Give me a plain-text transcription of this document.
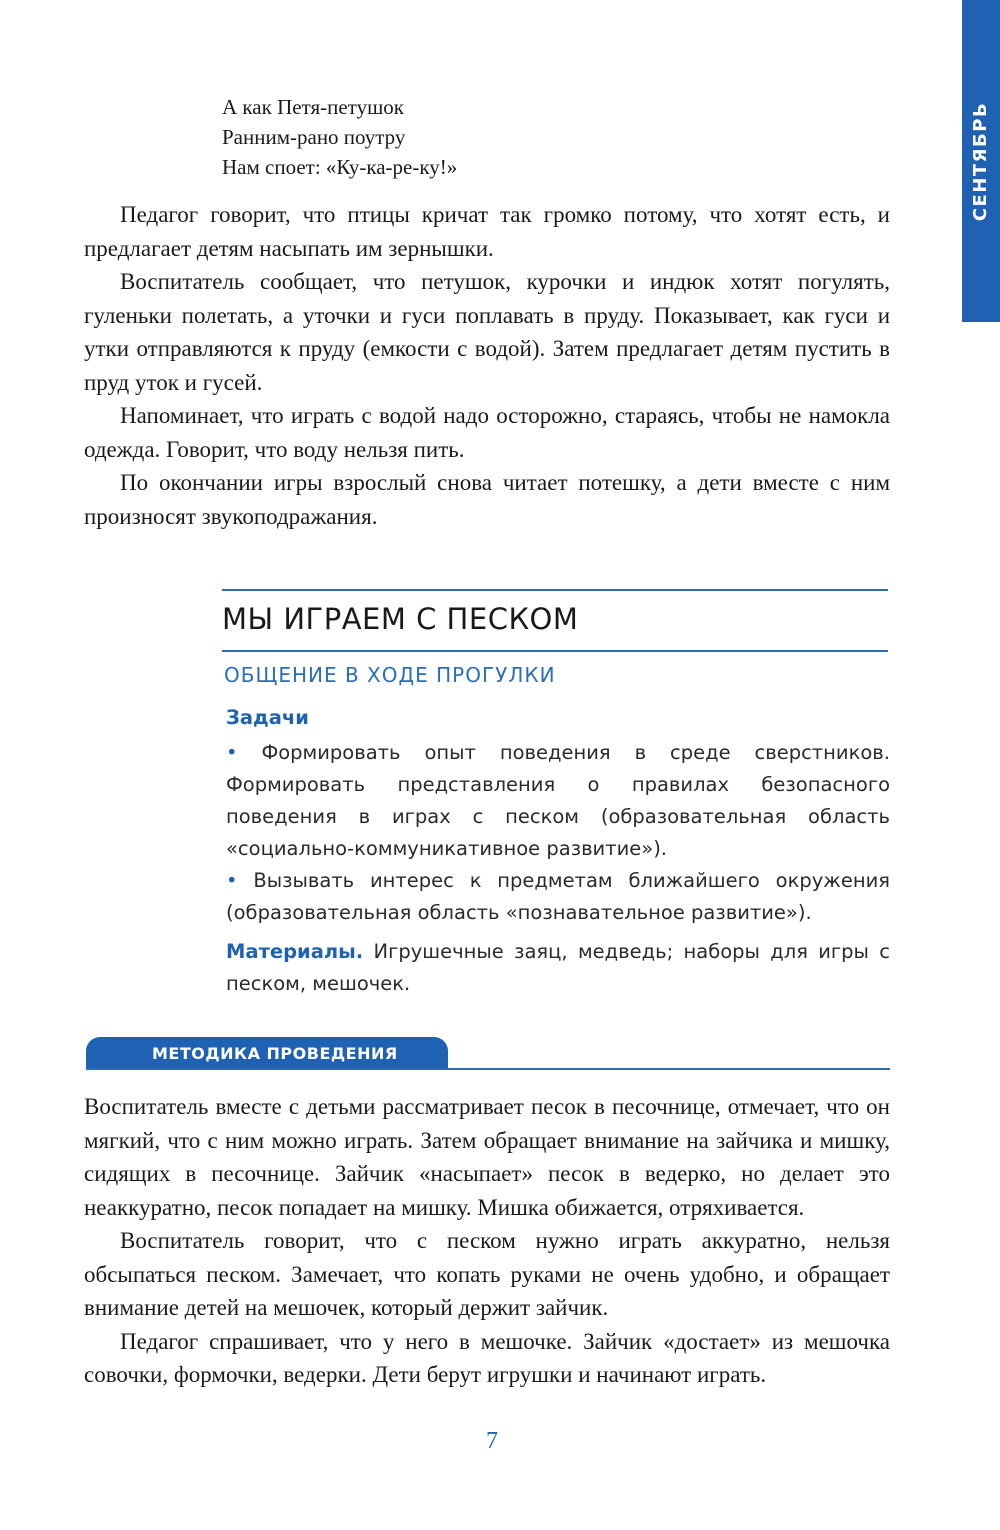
СЕНТЯБРЬ
А как Петя-петушок
Ранним-рано поутру
Нам споет: «Ку-ка-ре-ку!»

Педагог говорит, что птицы кричат так громко потому, что хотят есть, и предлагает детям насыпать им зернышки.

Воспитатель сообщает, что петушок, курочки и индюк хотят погулять, гуленьки полетать, а уточки и гуси поплавать в пруду. Показывает, как гуси и утки отправляются к пруду (емкости с водой). Затем предлагает детям пустить в пруд уток и гусей.

Напоминает, что играть с водой надо осторожно, стараясь, чтобы не намокла одежда. Говорит, что воду нельзя пить.

По окончании игры взрослый снова читает потешку, а дети вместе с ним произносят звукоподражания.

МЫ ИГРАЕМ С ПЕСКОМ
ОБЩЕНИЕ В ХОДЕ ПРОГУЛКИ
Задачи

• Формировать опыт поведения в среде сверстников. Формировать представления о правилах безопасного поведения в играх с песком (образовательная область «социально-коммуникативное развитие»).

• Вызывать интерес к предметам ближайшего окружения (образовательная область «познавательное развитие»).

Материалы. Игрушечные заяц, медведь; наборы для игры с песком, мешочек.

МЕТОДИКА ПРОВЕДЕНИЯ

Воспитатель вместе с детьми рассматривает песок в песочнице, отмечает, что он мягкий, что с ним можно играть. Затем обращает внимание на зайчика и мишку, сидящих в песочнице. Зайчик «насыпает» песок в ведерко, но делает это неаккуратно, песок попадает на мишку. Мишка обижается, отряхивается.

Воспитатель говорит, что с песком нужно играть аккуратно, нельзя обсыпаться песком. Замечает, что копать руками не очень удобно, и обращает внимание детей на мешочек, который держит зайчик.

Педагог спрашивает, что у него в мешочке. Зайчик «достает» из мешочка совочки, формочки, ведерки. Дети берут игрушки и начинают играть.

7
